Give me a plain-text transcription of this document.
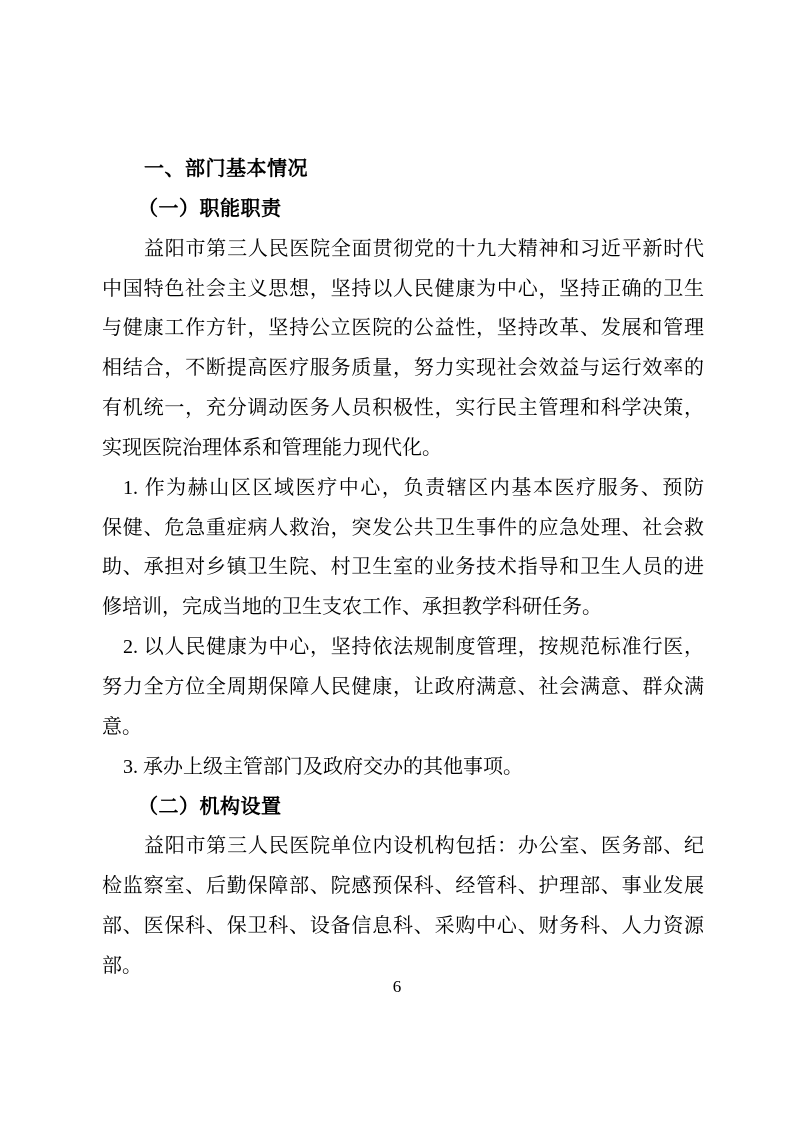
一、部门基本情况
（一）职能职责
益阳市第三人民医院全面贯彻党的十九大精神和习近平新时代
中国特色社会主义思想，坚持以人民健康为中心，坚持正确的卫生
与健康工作方针，坚持公立医院的公益性，坚持改革、发展和管理
相结合，不断提高医疗服务质量，努力实现社会效益与运行效率的
有机统一，充分调动医务人员积极性，实行民主管理和科学决策，
实现医院治理体系和管理能力现代化。
1. 作为赫山区区域医疗中心，负责辖区内基本医疗服务、预防
保健、危急重症病人救治，突发公共卫生事件的应急处理、社会救
助、承担对乡镇卫生院、村卫生室的业务技术指导和卫生人员的进
修培训，完成当地的卫生支农工作、承担教学科研任务。
2. 以人民健康为中心，坚持依法规制度管理，按规范标准行医，
努力全方位全周期保障人民健康，让政府满意、社会满意、群众满
意。
3. 承办上级主管部门及政府交办的其他事项。
（二）机构设置
益阳市第三人民医院单位内设机构包括：办公室、医务部、纪
检监察室、后勤保障部、院感预保科、经管科、护理部、事业发展
部、医保科、保卫科、设备信息科、采购中心、财务科、人力资源
部。
6
